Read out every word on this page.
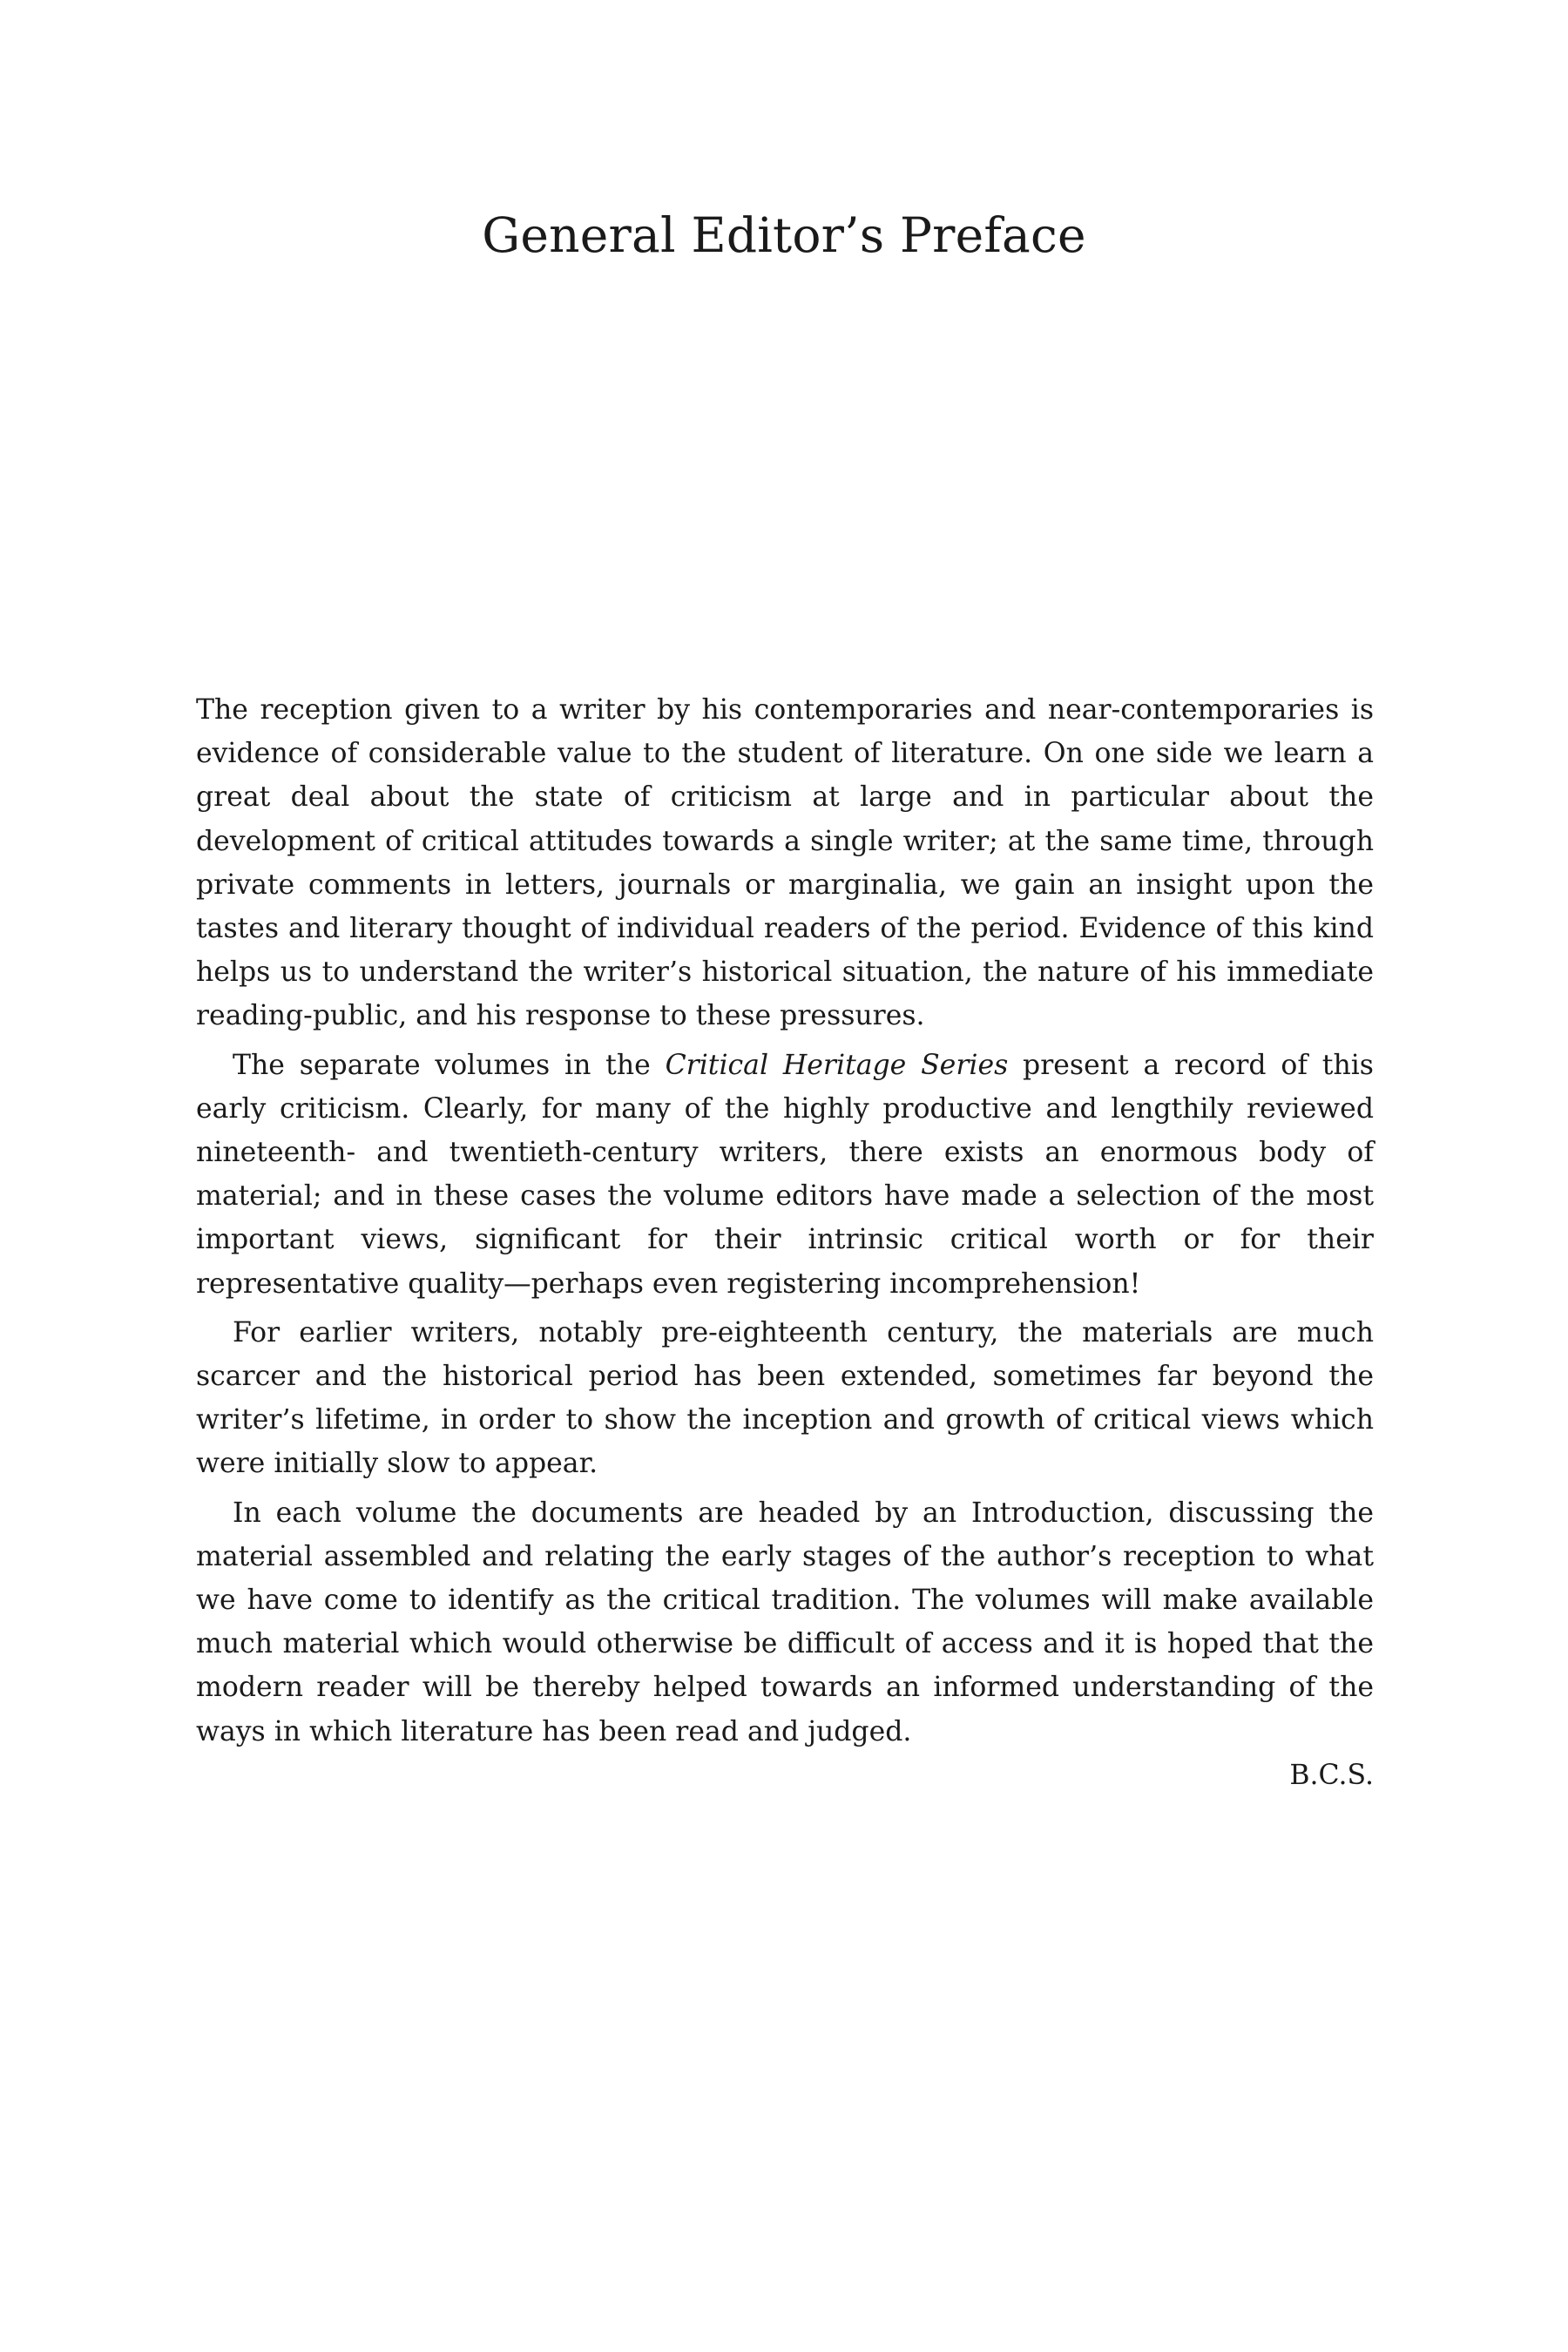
General Editor’s Preface

The reception given to a writer by his contemporaries and near-contemporaries is evidence of considerable value to the student of literature. On one side we learn a great deal about the state of criticism at large and in particular about the development of critical attitudes towards a single writer; at the same time, through private comments in letters, journals or marginalia, we gain an insight upon the tastes and literary thought of individual readers of the period. Evidence of this kind helps us to understand the writer’s historical situation, the nature of his immediate reading-public, and his response to these pressures.

The separate volumes in the Critical Heritage Series present a record of this early criticism. Clearly, for many of the highly productive and lengthily reviewed nineteenth- and twentieth-century writers, there exists an enormous body of material; and in these cases the volume editors have made a selection of the most important views, significant for their intrinsic critical worth or for their representative quality—perhaps even registering incomprehension!

For earlier writers, notably pre-eighteenth century, the materials are much scarcer and the historical period has been extended, sometimes far beyond the writer’s lifetime, in order to show the inception and growth of critical views which were initially slow to appear.

In each volume the documents are headed by an Introduction, discussing the material assembled and relating the early stages of the author’s reception to what we have come to identify as the critical tradition. The volumes will make available much material which would otherwise be difficult of access and it is hoped that the modern reader will be thereby helped towards an informed understanding of the ways in which literature has been read and judged.

B.C.S.
